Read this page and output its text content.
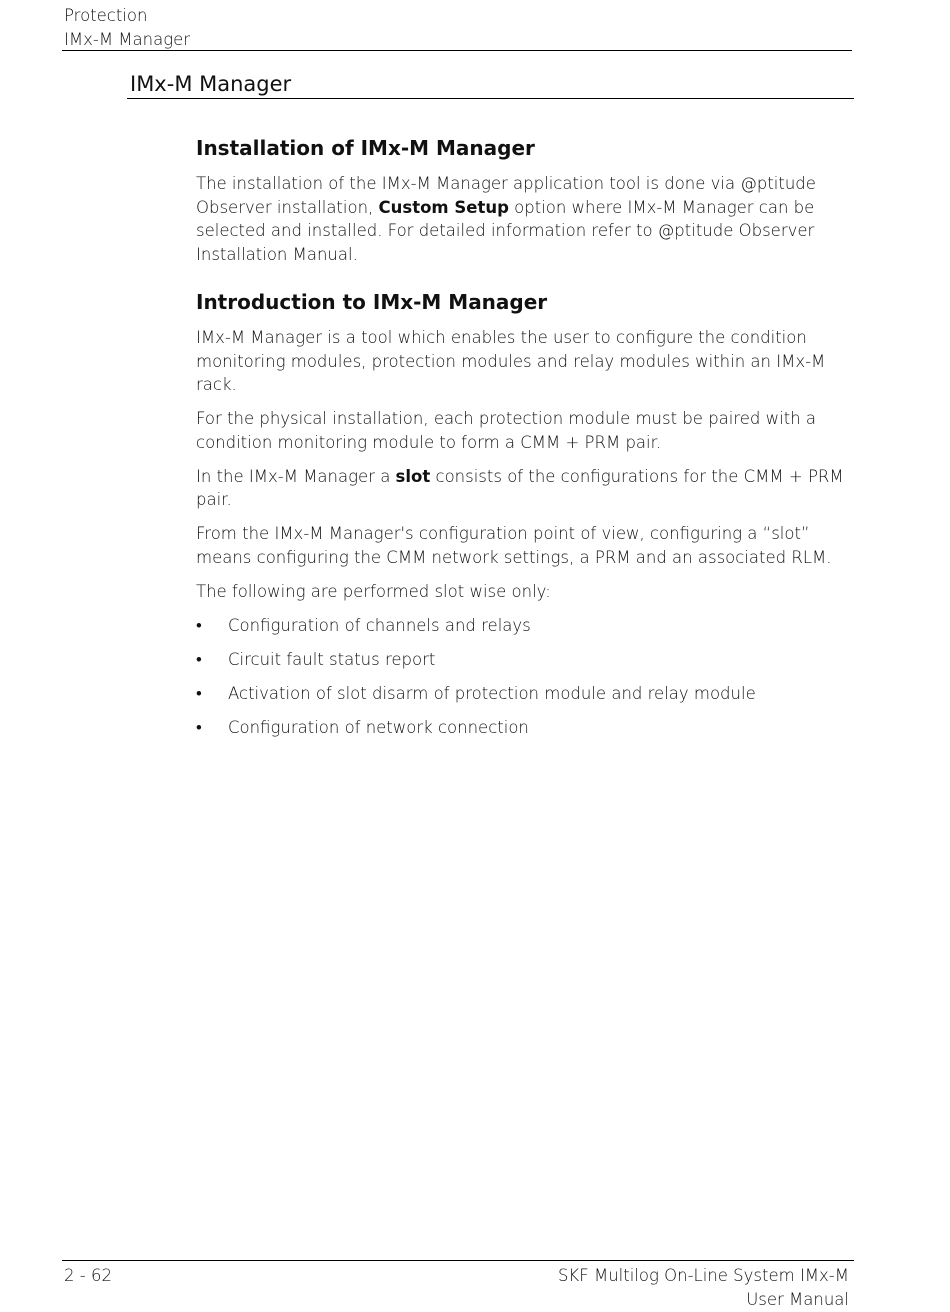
Protection
IMx-M Manager
IMx-M Manager
Installation of IMx-M Manager

The installation of the IMx-M Manager application tool is done via @ptitude Observer installation, Custom Setup option where IMx-M Manager can be selected and installed. For detailed information refer to @ptitude Observer Installation Manual.

Introduction to IMx-M Manager

IMx-M Manager is a tool which enables the user to configure the condition monitoring modules, protection modules and relay modules within an IMx-M rack.

For the physical installation, each protection module must be paired with a condition monitoring module to form a CMM + PRM pair.

In the IMx-M Manager a slot consists of the configurations for the CMM + PRM pair.

From the IMx-M Manager's configuration point of view, configuring a “slot” means configuring the CMM network settings, a PRM and an associated RLM.

The following are performed slot wise only:

• Configuration of channels and relays
• Circuit fault status report
• Activation of slot disarm of protection module and relay module
• Configuration of network connection
2 - 62	SKF Multilog On-Line System IMx-M
User Manual
